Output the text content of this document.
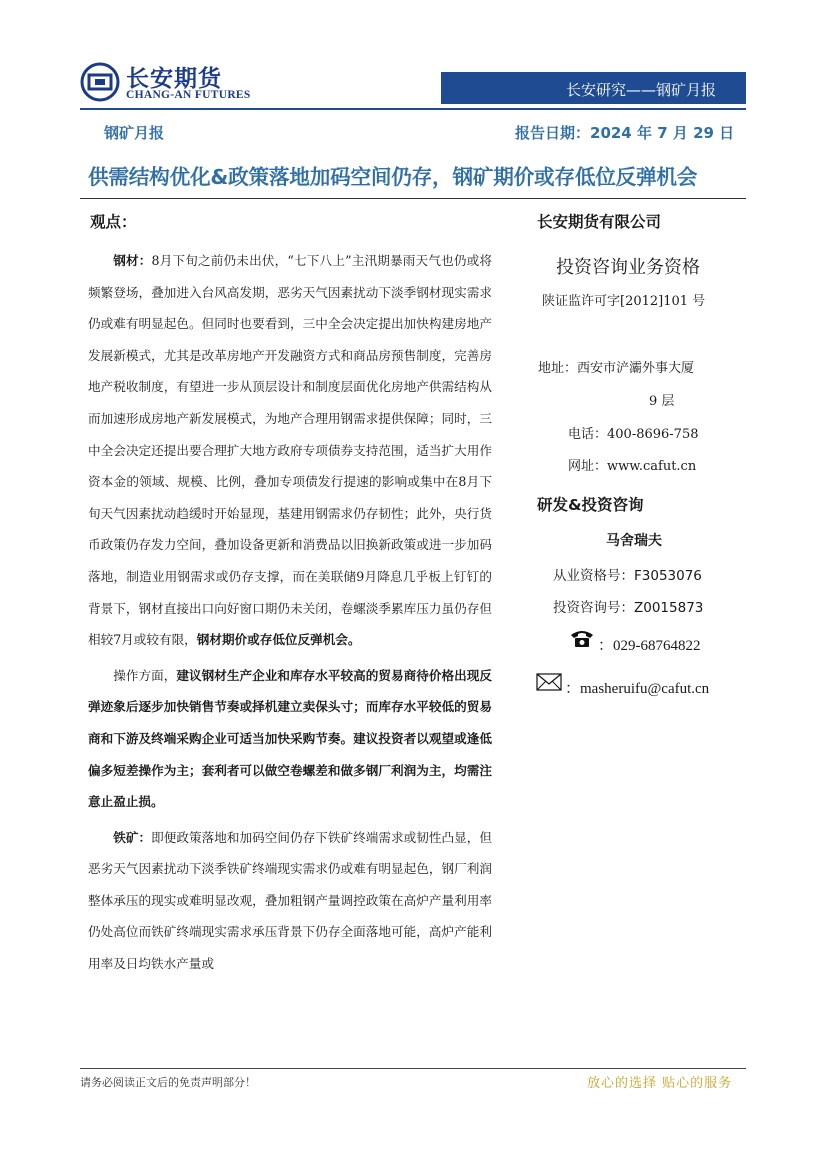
长安期货
CHANG-AN FUTURES	长安研究——钢矿月报
钢矿月报	报告日期：2024 年 7 月 29 日
供需结构优化&政策落地加码空间仍存，钢矿期价或存低位反弹机会
观点：

钢材：8月下旬之前仍未出伏，“七下八上”主汛期暴雨天气也仍或将频繁登场，叠加进入台风高发期，恶劣天气因素扰动下淡季钢材现实需求仍或难有明显起色。但同时也要看到，三中全会决定提出加快构建房地产发展新模式，尤其是改革房地产开发融资方式和商品房预售制度，完善房地产税收制度，有望进一步从顶层设计和制度层面优化房地产供需结构从而加速形成房地产新发展模式，为地产合理用钢需求提供保障；同时，三中全会决定还提出要合理扩大地方政府专项债券支持范围，适当扩大用作资本金的领域、规模、比例，叠加专项债发行提速的影响或集中在8月下旬天气因素扰动趋缓时开始显现，基建用钢需求仍存韧性；此外，央行货币政策仍存发力空间，叠加设备更新和消费品以旧换新政策或进一步加码落地，制造业用钢需求或仍存支撑，而在美联储9月降息几乎板上钉钉的背景下，钢材直接出口向好窗口期仍未关闭，卷螺淡季累库压力虽仍存但相较7月或较有限，钢材期价或存低位反弹机会。

操作方面，建议钢材生产企业和库存水平较高的贸易商待价格出现反弹迹象后逐步加快销售节奏或择机建立卖保头寸；而库存水平较低的贸易商和下游及终端采购企业可适当加快采购节奏。建议投资者以观望或逢低偏多短差操作为主；套利者可以做空卷螺差和做多钢厂利润为主，均需注意止盈止损。

铁矿：即便政策落地和加码空间仍存下铁矿终端需求或韧性凸显，但恶劣天气因素扰动下淡季铁矿终端现实需求仍或难有明显起色，钢厂利润整体承压的现实或难明显改观，叠加粗钢产量调控政策在高炉产量利用率仍处高位而铁矿终端现实需求承压背景下仍存全面落地可能，高炉产能利用率及日均铁水产量或

长安期货有限公司
投资咨询业务资格
陕证监许可字[2012]101 号
地址：西安市浐灞外事大厦
9 层
电话：400-8696-758
网址：www.cafut.cn
研发&投资咨询
马舍瑞夫
从业资格号：F3053076
投资咨询号：Z0015873
：029-68764822
：masheruifu@cafut.cn
请务必阅读正文后的免责声明部分！	放心的选择 贴心的服务
